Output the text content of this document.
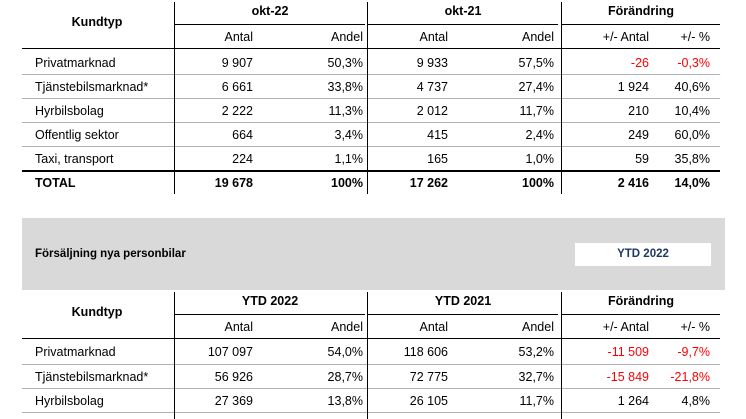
Kundtyp
okt-22	okt-21	Förändring
Antal	Andel	Antal	Andel	+/- Antal	+/- %
Privatmarknad	9 907	50,3%	9 933	57,5%	-26	-0,3%
Tjänstebilsmarknad*	6 661	33,8%	4 737	27,4%	1 924	40,6%
Hyrbilsbolag	2 222	11,3%	2 012	11,7%	210	10,4%
Offentlig sektor	664	3,4%	415	2,4%	249	60,0%
Taxi, transport	224	1,1%	165	1,0%	59	35,8%
TOTAL	19 678	100%	17 262	100%	2 416	14,0%
Försäljning nya personbilar	YTD 2022
Kundtyp
YTD 2022	YTD 2021	Förändring
Antal	Andel	Antal	Andel	+/- Antal	+/- %
Privatmarknad	107 097	54,0%	118 606	53,2%	-11 509	-9,7%
Tjänstebilsmarknad*	56 926	28,7%	72 775	32,7%	-15 849	-21,8%
Hyrbilsbolag	27 369	13,8%	26 105	11,7%	1 264	4,8%
